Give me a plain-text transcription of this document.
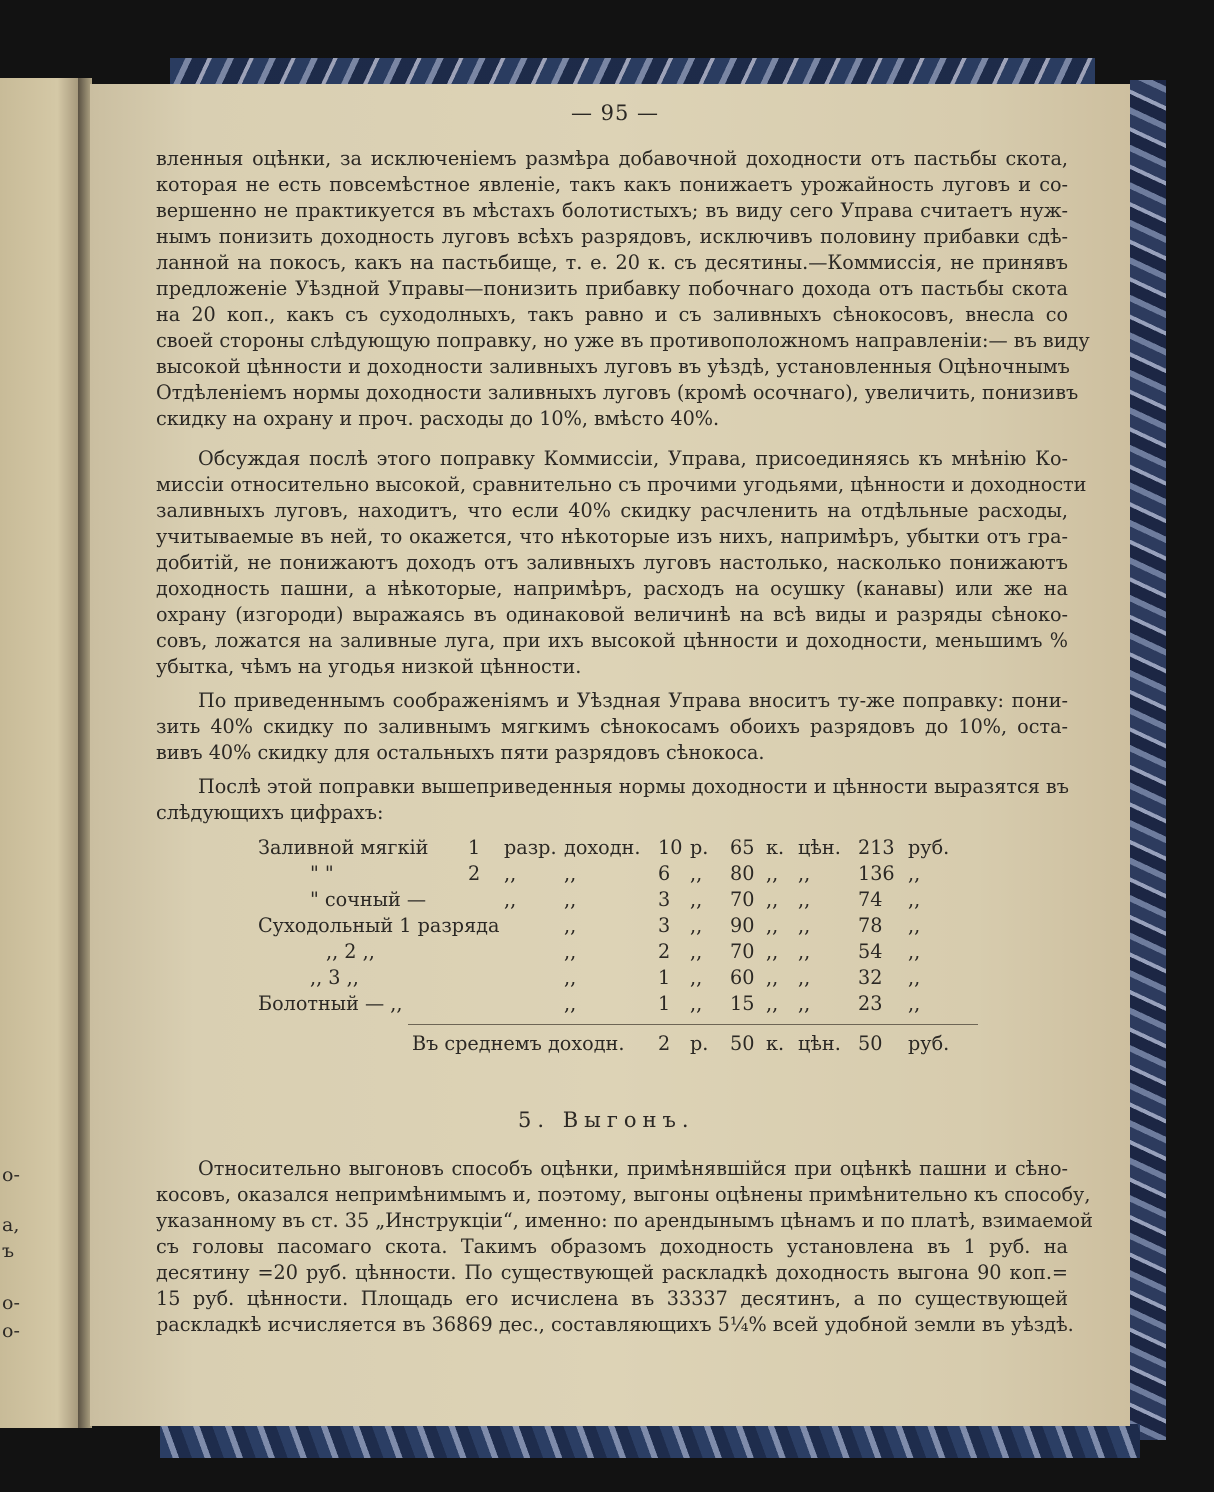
о-
а,
ъ
о-
о-
— 95 —
вленныя оцѣнки, за исключеніемъ размѣра добавочной доходности отъ пастьбы скота,
которая не есть повсемѣстное явленіе, такъ какъ понижаетъ урожайность луговъ и со-
вершенно не практикуется въ мѣстахъ болотистыхъ; въ виду сего Управа считаетъ нуж-
нымъ понизить доходность луговъ всѣхъ разрядовъ, исключивъ половину прибавки сдѣ-
ланной на покосъ, какъ на пастьбище, т. е. 20 к. съ десятины.—Коммиссія, не принявъ
предложеніе Уѣздной Управы—понизить прибавку побочнаго дохода отъ пастьбы скота
на 20 коп., какъ съ суходолныхъ, такъ равно и съ заливныхъ сѣнокосовъ, внесла со
своей стороны слѣдующую поправку, но уже въ противоположномъ направленіи:— въ виду
высокой цѣнности и доходности заливныхъ луговъ въ уѣздѣ, установленныя Оцѣночнымъ
Отдѣленіемъ нормы доходности заливныхъ луговъ (кромѣ осочнаго), увеличить, понизивъ
скидку на охрану и проч. расходы до 10%, вмѣсто 40%.
Обсуждая послѣ этого поправку Коммиссіи, Управа, присоединяясь къ мнѣнію Ко-
миссіи относительно высокой, сравнительно съ прочими угодьями, цѣнности и доходности
заливныхъ луговъ, находитъ, что если 40% скидку расчленить на отдѣльные расходы,
учитываемые въ ней, то окажется, что нѣкоторые изъ нихъ, напримѣръ, убытки отъ гра-
добитій, не понижаютъ доходъ отъ заливныхъ луговъ настолько, насколько понижаютъ
доходность пашни, а нѣкоторые, напримѣръ, расходъ на осушку (канавы) или же на
охрану (изгороди) выражаясь въ одинаковой величинѣ на всѣ виды и разряды сѣноко-
совъ, ложатся на заливные луга, при ихъ высокой цѣнности и доходности, меньшимъ %
убытка, чѣмъ на угодья низкой цѣнности.
По приведеннымъ соображеніямъ и Уѣздная Управа вноситъ ту-же поправку: пони-
зить 40% скидку по заливнымъ мягкимъ сѣнокосамъ обоихъ разрядовъ до 10%, оста-
вивъ 40% скидку для остальныхъ пяти разрядовъ сѣнокоса.
Послѣ этой поправки вышеприведенныя нормы доходности и цѣнности выразятся въ
слѣдующихъ цифрахъ:
Заливной мягкій 1 разр. доходн. 10 р. 65 к. цѣн. 213 руб.
" "	2 ,, ,,	6 ,, 80 ,, ,, 136 ,,
" сочный —	,, ,,	3 ,, 70 ,, ,, 74 ,,
Суходольный 1 разряда	,,	3 ,, 90 ,, ,, 78 ,,
,, 2 ,,	,,	2 ,, 70 ,, ,, 54 ,,
,, 3 ,,	,,	1 ,, 60 ,, ,, 32 ,,
Болотный — ,,	,,	1 ,, 15 ,, ,, 23 ,,
Въ среднемъ доходн. 2 р. 50 к. цѣн. 50 руб.
5. Выгонъ.
Относительно выгоновъ способъ оцѣнки, примѣнявшійся при оцѣнкѣ пашни и сѣно-
косовъ, оказался непримѣнимымъ и, поэтому, выгоны оцѣнены примѣнительно къ способу,
указанному въ ст. 35 „Инструкціи“, именно: по арендынымъ цѣнамъ и по платѣ, взимаемой
съ головы пасомаго скота. Такимъ образомъ доходность установлена въ 1 руб. на
десятину =20 руб. цѣнности. По существующей раскладкѣ доходность выгона 90 коп.=
15 руб. цѣнности. Площадь его исчислена въ 33337 десятинъ, а по существующей
раскладкѣ исчисляется въ 36869 дес., составляющихъ 5¼% всей удобной земли въ уѣздѣ.
